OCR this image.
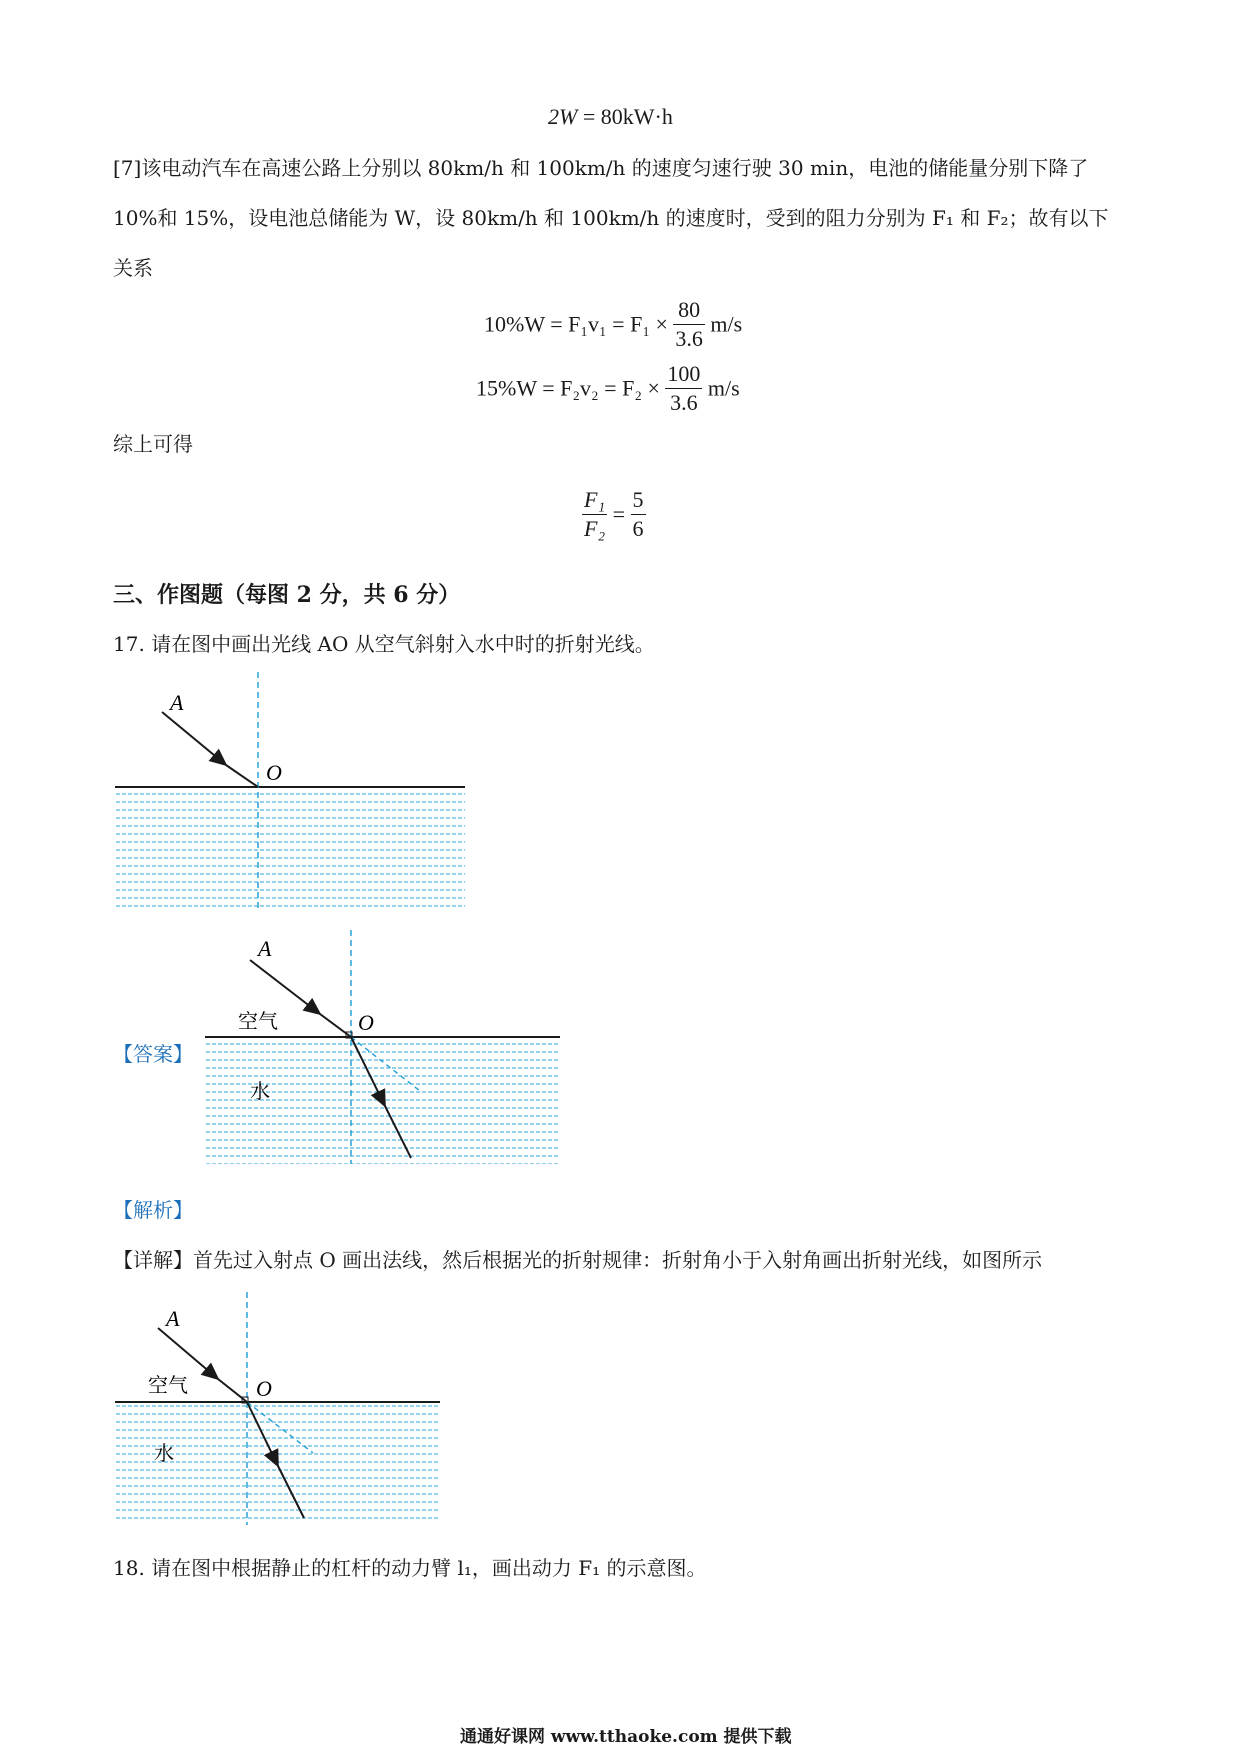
2W = 80kW·h
[7]该电动汽车在高速公路上分别以 80km/h 和 100km/h 的速度匀速行驶 30 min，电池的储能量分别下降了
10%和 15%，设电池总储能为 W，设 80km/h 和 100km/h 的速度时，受到的阻力分别为 F₁ 和 F₂；故有以下
关系
$10\%W = F_1v_1 = F_1 \times \frac{80}{3.6} m/s$
$15\%W = F_2v_2 = F_2 \times \frac{100}{3.6} m/s$
综上可得
$\frac{\text{F₁}}{\text{F₂}} = \frac{5}{6}$
三、作图题（每图 2 分，共 6 分）
17. 请在图中画出光线 AO 从空气斜射入水中时的折射光线。
A
O
【答案】
A
O
空气
水
【解析】
【详解】首先过入射点 O 画出法线，然后根据光的折射规律：折射角小于入射角画出折射光线，如图所示
A
O
空气
水
18. 请在图中根据静止的杠杆的动力臂 l₁，画出动力 F₁ 的示意图。
通通好课网 www.tthaoke.com 提供下载
